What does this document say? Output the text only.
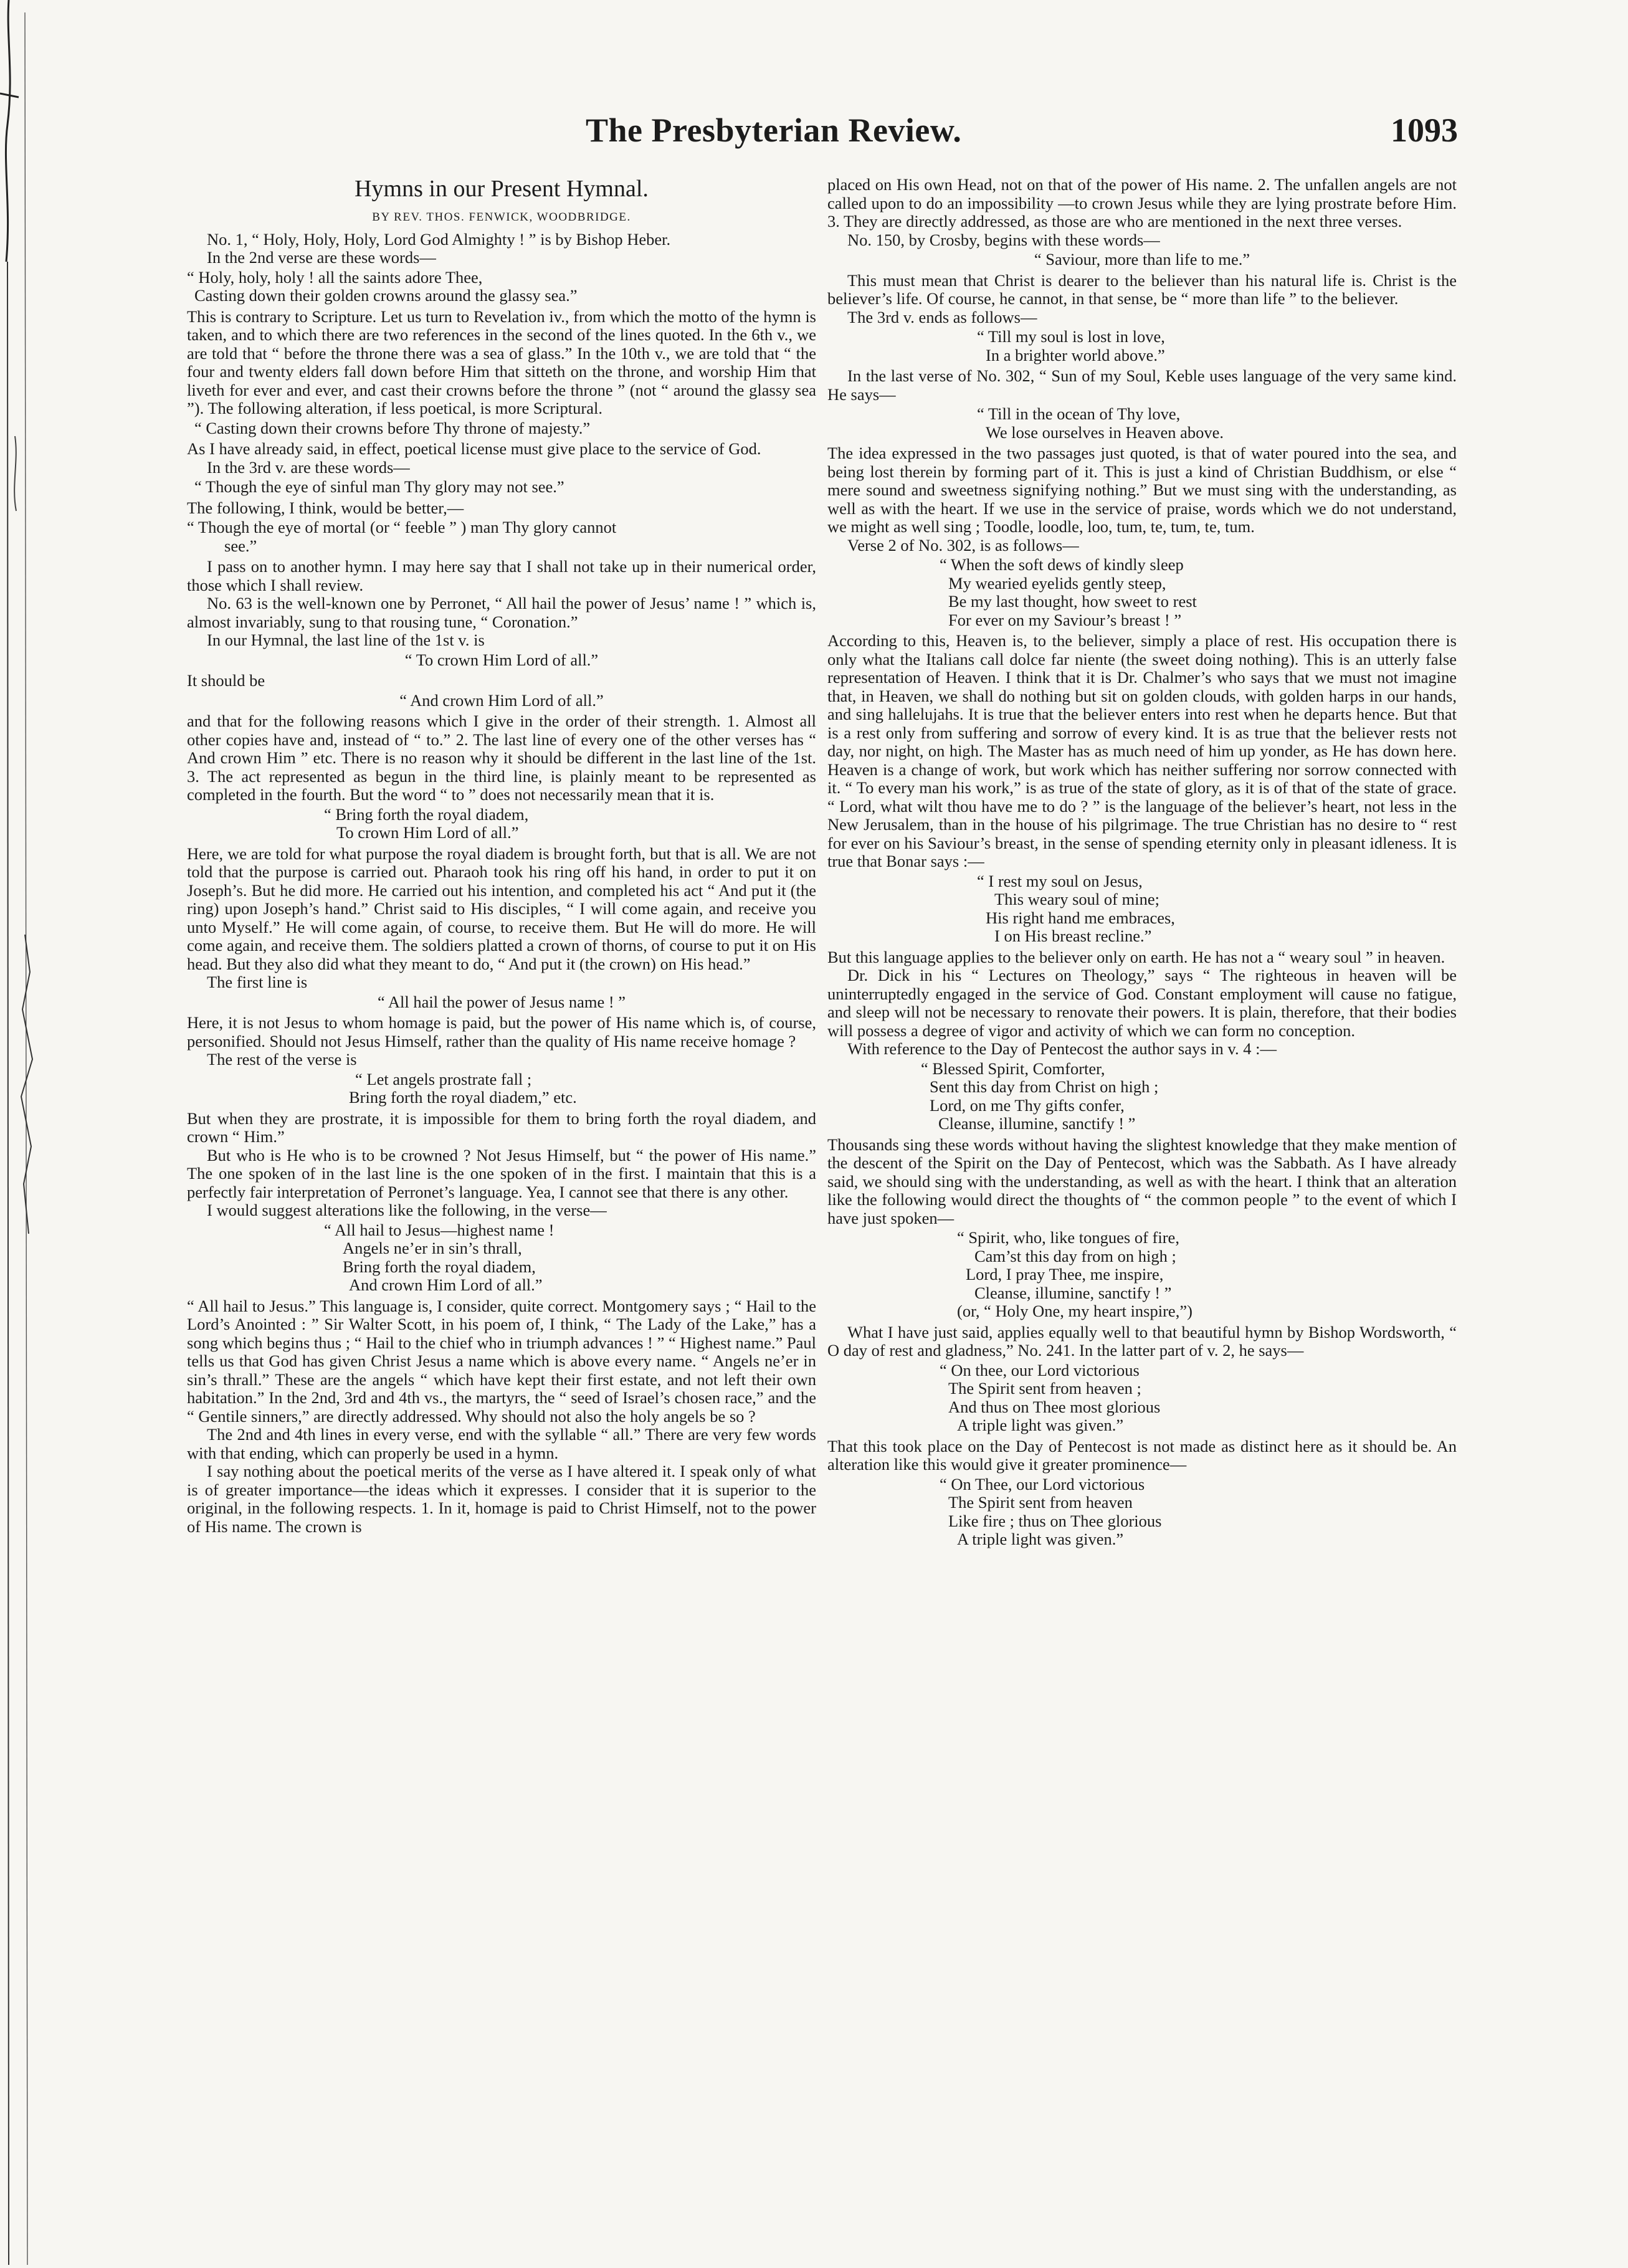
The Presbyterian Review.	1093
Hymns in our Present Hymnal.
BY REV. THOS. FENWICK, WOODBRIDGE.

No. 1, “ Holy, Holy, Holy, Lord God Almighty ! ” is by Bishop Heber.

In the 2nd verse are these words—

“ Holy, holy, holy ! all the saints adore Thee,
Casting down their golden crowns around the glassy sea.”

This is contrary to Scripture. Let us turn to Revelation iv., from which the motto of the hymn is taken, and to which there are two references in the second of the lines quoted. In the 6th v., we are told that “ before the throne there was a sea of glass.” In the 10th v., we are told that “ the four and twenty elders fall down before Him that sitteth on the throne, and worship Him that liveth for ever and ever, and cast their crowns before the throne ” (not “ around the glassy sea ”). The following alteration, if less poetical, is more Scriptural.

“ Casting down their crowns before Thy throne of majesty.”

As I have already said, in effect, poetical license must give place to the service of God.

In the 3rd v. are these words—

“ Though the eye of sinful man Thy glory may not see.”

The following, I think, would be better,—

“ Though the eye of mortal (or “ feeble ” ) man Thy glory cannot
see.”

I pass on to another hymn. I may here say that I shall not take up in their numerical order, those which I shall review.

No. 63 is the well-known one by Perronet, “ All hail the power of Jesus’ name ! ” which is, almost invariably, sung to that rousing tune, “ Coronation.”

In our Hymnal, the last line of the 1st v. is

“ To crown Him Lord of all.”

It should be

“ And crown Him Lord of all.”

and that for the following reasons which I give in the order of their strength. 1. Almost all other copies have and, instead of “ to.” 2. The last line of every one of the other verses has “ And crown Him ” etc. There is no reason why it should be different in the last line of the 1st. 3. The act represented as begun in the third line, is plainly meant to be represented as completed in the fourth. But the word “ to ” does not necessarily mean that it is.

“ Bring forth the royal diadem,
To crown Him Lord of all.”

Here, we are told for what purpose the royal diadem is brought forth, but that is all. We are not told that the purpose is carried out. Pharaoh took his ring off his hand, in order to put it on Joseph’s. But he did more. He carried out his intention, and completed his act “ And put it (the ring) upon Joseph’s hand.” Christ said to His disciples, “ I will come again, and receive you unto Myself.” He will come again, of course, to receive them. But He will do more. He will come again, and receive them. The soldiers platted a crown of thorns, of course to put it on His head. But they also did what they meant to do, “ And put it (the crown) on His head.”

The first line is

“ All hail the power of Jesus name ! ”

Here, it is not Jesus to whom homage is paid, but the power of His name which is, of course, personified. Should not Jesus Himself, rather than the quality of His name receive homage ?

The rest of the verse is

“ Let angels prostrate fall ;
Bring forth the royal diadem,” etc.

But when they are prostrate, it is impossible for them to bring forth the royal diadem, and crown “ Him.”

But who is He who is to be crowned ? Not Jesus Himself, but “ the power of His name.” The one spoken of in the last line is the one spoken of in the first. I maintain that this is a perfectly fair interpretation of Perronet’s language. Yea, I cannot see that there is any other.

I would suggest alterations like the following, in the verse—

“ All hail to Jesus—highest name !
Angels ne’er in sin’s thrall,
Bring forth the royal diadem,
And crown Him Lord of all.”

“ All hail to Jesus.” This language is, I consider, quite correct. Montgomery says ; “ Hail to the Lord’s Anointed : ” Sir Walter Scott, in his poem of, I think, “ The Lady of the Lake,” has a song which begins thus ; “ Hail to the chief who in triumph advances ! ” “ Highest name.” Paul tells us that God has given Christ Jesus a name which is above every name. “ Angels ne’er in sin’s thrall.” These are the angels “ which have kept their first estate, and not left their own habitation.” In the 2nd, 3rd and 4th vs., the martyrs, the “ seed of Israel’s chosen race,” and the “ Gentile sinners,” are directly addressed. Why should not also the holy angels be so ?

The 2nd and 4th lines in every verse, end with the syllable “ all.” There are very few words with that ending, which can properly be used in a hymn.

I say nothing about the poetical merits of the verse as I have altered it. I speak only of what is of greater importance—the ideas which it expresses. I consider that it is superior to the original, in the following respects. 1. In it, homage is paid to Christ Himself, not to the power of His name. The crown is

placed on His own Head, not on that of the power of His name. 2. The unfallen angels are not called upon to do an impossibility —to crown Jesus while they are lying prostrate before Him. 3. They are directly addressed, as those are who are mentioned in the next three verses.

No. 150, by Crosby, begins with these words—

“ Saviour, more than life to me.”

This must mean that Christ is dearer to the believer than his natural life is. Christ is the believer’s life. Of course, he cannot, in that sense, be “ more than life ” to the believer.

The 3rd v. ends as follows—

“ Till my soul is lost in love,
In a brighter world above.”

In the last verse of No. 302, “ Sun of my Soul, Keble uses language of the very same kind. He says—

“ Till in the ocean of Thy love,
We lose ourselves in Heaven above.

The idea expressed in the two passages just quoted, is that of water poured into the sea, and being lost therein by forming part of it. This is just a kind of Christian Buddhism, or else “ mere sound and sweetness signifying nothing.” But we must sing with the understanding, as well as with the heart. If we use in the service of praise, words which we do not understand, we might as well sing ; Toodle, loodle, loo, tum, te, tum, te, tum.

Verse 2 of No. 302, is as follows—

“ When the soft dews of kindly sleep
My wearied eyelids gently steep,
Be my last thought, how sweet to rest
For ever on my Saviour’s breast ! ”

According to this, Heaven is, to the believer, simply a place of rest. His occupation there is only what the Italians call dolce far niente (the sweet doing nothing). This is an utterly false representation of Heaven. I think that it is Dr. Chalmer’s who says that we must not imagine that, in Heaven, we shall do nothing but sit on golden clouds, with golden harps in our hands, and sing hallelujahs. It is true that the believer enters into rest when he departs hence. But that is a rest only from suffering and sorrow of every kind. It is as true that the believer rests not day, nor night, on high. The Master has as much need of him up yonder, as He has down here. Heaven is a change of work, but work which has neither suffering nor sorrow connected with it. “ To every man his work,” is as true of the state of glory, as it is of that of the state of grace. “ Lord, what wilt thou have me to do ? ” is the language of the believer’s heart, not less in the New Jerusalem, than in the house of his pilgrimage. The true Christian has no desire to “ rest for ever on his Saviour’s breast, in the sense of spending eternity only in pleasant idleness. It is true that Bonar says :—

“ I rest my soul on Jesus,
This weary soul of mine;
His right hand me embraces,
I on His breast recline.”

But this language applies to the believer only on earth. He has not a “ weary soul ” in heaven.

Dr. Dick in his “ Lectures on Theology,” says “ The righteous in heaven will be uninterruptedly engaged in the service of God. Constant employment will cause no fatigue, and sleep will not be necessary to renovate their powers. It is plain, therefore, that their bodies will possess a degree of vigor and activity of which we can form no conception.

With reference to the Day of Pentecost the author says in v. 4 :—

“ Blessed Spirit, Comforter,
Sent this day from Christ on high ;
Lord, on me Thy gifts confer,
Cleanse, illumine, sanctify ! ”

Thousands sing these words without having the slightest knowledge that they make mention of the descent of the Spirit on the Day of Pentecost, which was the Sabbath. As I have already said, we should sing with the understanding, as well as with the heart. I think that an alteration like the following would direct the thoughts of “ the common people ” to the event of which I have just spoken—

“ Spirit, who, like tongues of fire,
Cam’st this day from on high ;
Lord, I pray Thee, me inspire,
Cleanse, illumine, sanctify ! ”
(or, “ Holy One, my heart inspire,”)

What I have just said, applies equally well to that beautiful hymn by Bishop Wordsworth, “ O day of rest and gladness,” No. 241. In the latter part of v. 2, he says—

“ On thee, our Lord victorious
The Spirit sent from heaven ;
And thus on Thee most glorious
A triple light was given.”

That this took place on the Day of Pentecost is not made as distinct here as it should be. An alteration like this would give it greater prominence—

“ On Thee, our Lord victorious
The Spirit sent from heaven
Like fire ; thus on Thee glorious
A triple light was given.”
